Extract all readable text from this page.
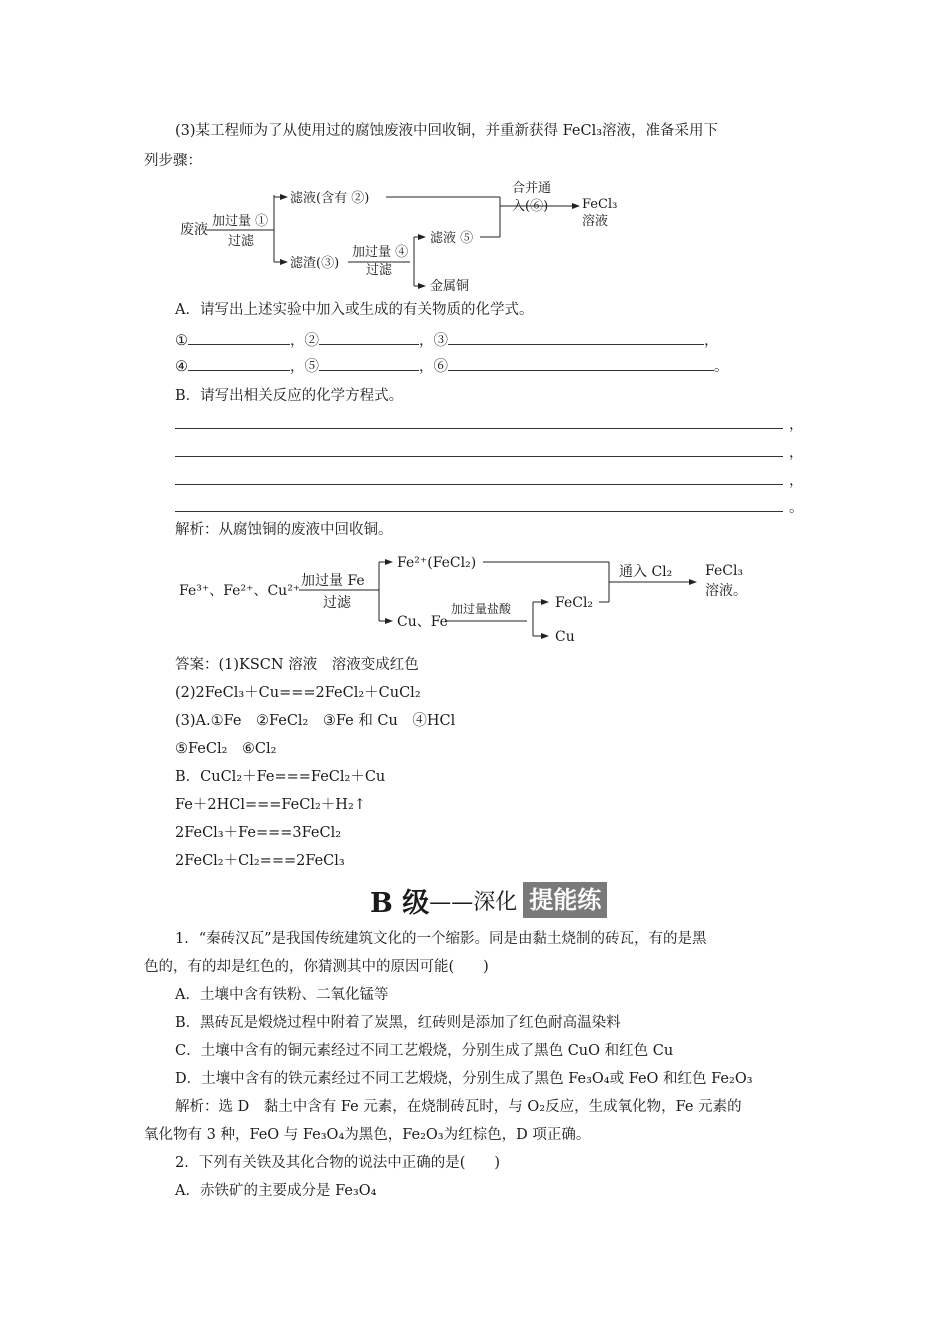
(3)某工程师为了从使用过的腐蚀废液中回收铜，并重新获得 FeCl₃溶液，准备采用下
列步骤：
废液
加过量 ①
过滤
滤液(含有 ②)
滤渣(③)
加过量 ④
过滤
滤液 ⑤
金属铜
合并通
入(⑥)	FeCl₃
溶液
A．请写出上述实验中加入或生成的有关物质的化学式。
①	，②	，③	，
④	，⑤	，⑥	。
B．请写出相关反应的化学方程式。
，
，
，
。
解析：从腐蚀铜的废液中回收铜。
Fe³⁺、Fe²⁺、Cu²⁺
加过量 Fe
过滤
Fe²⁺(FeCl₂)
Cu、Fe
加过量盐酸	FeCl₂
Cu
通入 Cl₂ FeCl₃
溶液。
答案：(1)KSCN 溶液　溶液变成红色
(2)2FeCl₃＋Cu===2FeCl₂＋CuCl₂
(3)A.①Fe　②FeCl₂　③Fe 和 Cu　④HCl
⑤FeCl₂　⑥Cl₂
B．CuCl₂＋Fe===FeCl₂＋Cu
Fe＋2HCl===FeCl₂＋H₂↑
2FeCl₃＋Fe===3FeCl₂
2FeCl₂＋Cl₂===2FeCl₃
B 级 ——深化 提能练
1．“秦砖汉瓦”是我国传统建筑文化的一个缩影。同是由黏土烧制的砖瓦，有的是黑
色的，有的却是红色的，你猜测其中的原因可能(　　)
A．土壤中含有铁粉、二氧化锰等
B．黑砖瓦是煅烧过程中附着了炭黑，红砖则是添加了红色耐高温染料
C．土壤中含有的铜元素经过不同工艺煅烧，分别生成了黑色 CuO 和红色 Cu
D．土壤中含有的铁元素经过不同工艺煅烧，分别生成了黑色 Fe₃O₄或 FeO 和红色 Fe₂O₃
解析：选 D　黏土中含有 Fe 元素，在烧制砖瓦时，与 O₂反应，生成氧化物，Fe 元素的
氧化物有 3 种，FeO 与 Fe₃O₄为黑色，Fe₂O₃为红棕色，D 项正确。
2．下列有关铁及其化合物的说法中正确的是(　　)
A．赤铁矿的主要成分是 Fe₃O₄
